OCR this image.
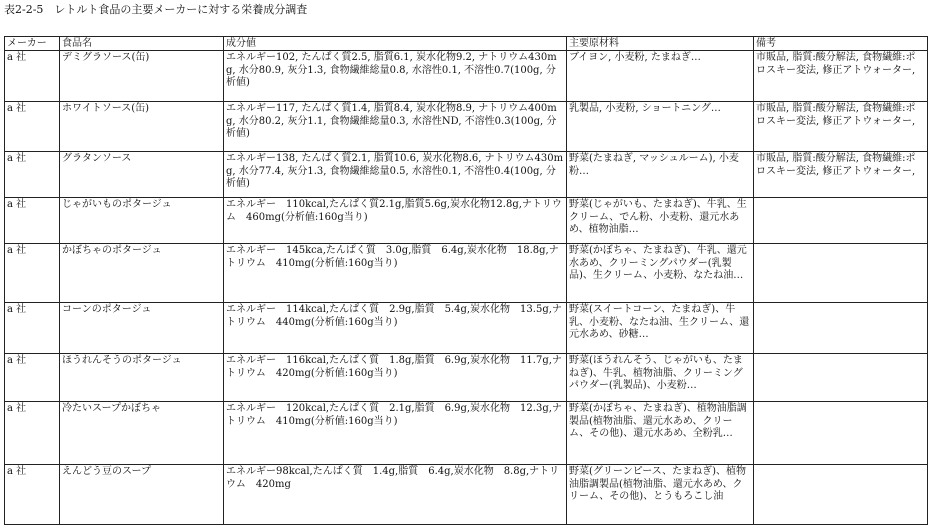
表2-2-5　レトルト食品の主要メーカーに対する栄養成分調査
メーカー	食品名	成分値	主要原材料	備考
a 社	デミグラソース(缶)	エネルギー102, たんぱく質2.5, 脂質6.1, 炭水化物9.2, ナトリウム430mg, 水分80.9, 灰分1.3, 食物繊維総量0.8, 水溶性0.1, 不溶性0.7(100g, 分析値)	ブイヨン, 小麦粉, たまねぎ…	市販品, 脂質:酸分解法, 食物繊維:ポロスキー変法, 修正アトウォーター,
a 社	ホワイトソース(缶)	エネルギー117, たんぱく質1.4, 脂質8.4, 炭水化物8.9, ナトリウム400mg, 水分80.2, 灰分1.1, 食物繊維総量0.3, 水溶性ND, 不溶性0.3(100g, 分析値)	乳製品, 小麦粉, ショートニング…	市販品, 脂質:酸分解法, 食物繊維:ポロスキー変法, 修正アトウォーター,
a 社	グラタンソース	エネルギー138, たんぱく質2.1, 脂質10.6, 炭水化物8.6, ナトリウム430mg, 水分77.4, 灰分1.3, 食物繊維総量0.5, 水溶性0.1, 不溶性0.4(100g, 分析値)	野菜(たまねぎ, マッシュルーム), 小麦粉…	市販品, 脂質:酸分解法, 食物繊維:ポロスキー変法, 修正アトウォーター,
a 社	じゃがいものポタージュ	エネルギー　110kcal,たんぱく質2.1g,脂質5.6g,炭水化物12.8g,ナトリウム　460mg(分析値:160g当り)	野菜(じゃがいも、たまねぎ)、牛乳、生クリーム、でん粉、小麦粉、還元水あめ、植物油脂…	
a 社	かぼちゃのポタージュ	エネルギー　145kca,たんぱく質　3.0g,脂質　6.4g,炭水化物　18.8g,ナトリウム　410mg(分析値:160g当り)	野菜(かぼちゃ、たまねぎ)、牛乳、還元水あめ、クリーミングパウダー(乳製品)、生クリーム、小麦粉、なたね油…	
a 社	コーンのポタージュ	エネルギー　114kcal,たんぱく質　2.9g,脂質　5.4g,炭水化物　13.5g,ナトリウム　440mg(分析値:160g当り)	野菜(スイートコーン、たまねぎ)、牛乳、小麦粉、なたね油、生クリーム、還元水あめ、砂糖…	
a 社	ほうれんそうのポタージュ	エネルギー　116kcal,たんぱく質　1.8g,脂質　6.9g,炭水化物　11.7g,ナトリウム　420mg(分析値:160g当り)	野菜(ほうれんそう、じゃがいも、たまねぎ)、牛乳、植物油脂、クリーミングパウダー(乳製品)、小麦粉…	
a 社	冷たいスープかぼちゃ	エネルギー　120kcal,たんぱく質　2.1g,脂質　6.9g,炭水化物　12.3g,ナトリウム　410mg(分析値:160g当り)	野菜(かぼちゃ、たまねぎ)、植物油脂調製品(植物油脂、還元水あめ、クリーム、その他)、還元水あめ、全粉乳…	
a 社	えんどう豆のスープ	エネルギー98kcal,たんぱく質　1.4g,脂質　6.4g,炭水化物　8.8g,ナトリウム　420mg	野菜(グリーンピース、たまねぎ)、植物油脂調製品(植物油脂、還元水あめ、クリーム、その他)、とうもろこし油	
